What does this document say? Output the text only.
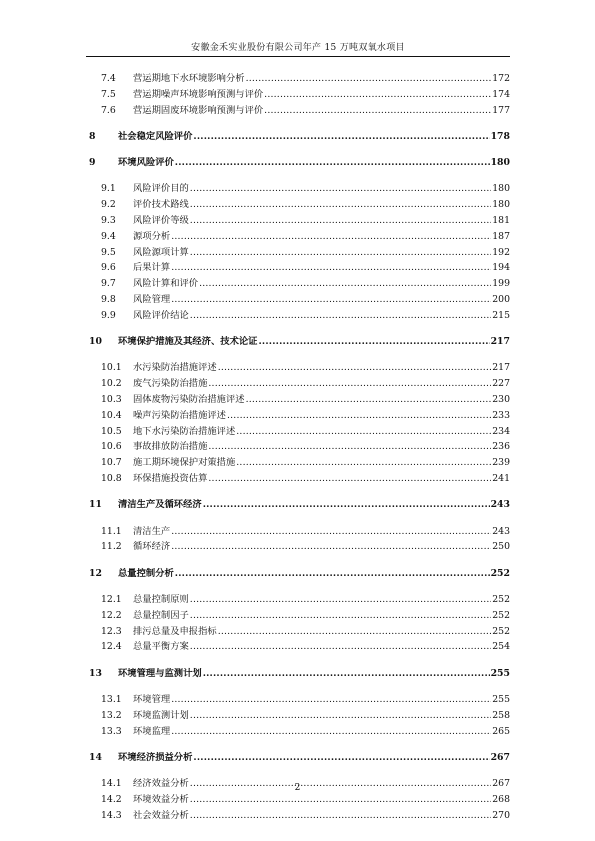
安徽金禾实业股份有限公司年产 15 万吨双氧水项目
7.4	营运期地下水环境影响分析 .....	172
7.5	营运期噪声环境影响预测与评价 .....	174
7.6	营运期固废环境影响预测与评价 .....	177
8	社会稳定风险评价 .....	178
9	环境风险评价 .....	180
9.1	风险评价目的 .....	180
9.2	评价技术路线 .....	180
9.3	风险评价等级 .....	181
9.4	源项分析 .....	187
9.5	风险源项计算 .....	192
9.6	后果计算 .....	194
9.7	风险计算和评价 .....	199
9.8	风险管理 .....	200
9.9	风险评价结论 .....	215
10	环境保护措施及其经济、技术论证 .....	217
10.1	水污染防治措施评述 .....	217
10.2	废气污染防治措施 .....	227
10.3	固体废物污染防治措施评述 .....	230
10.4	噪声污染防治措施评述 .....	233
10.5	地下水污染防治措施评述 .....	234
10.6	事故排放防治措施 .....	236
10.7	施工期环境保护对策措施 .....	239
10.8	环保措施投资估算 .....	241
11	清洁生产及循环经济 .....	243
11.1	清洁生产 .....	243
11.2	循环经济 .....	250
12	总量控制分析 .....	252
12.1	总量控制原则 .....	252
12.2	总量控制因子 .....	252
12.3	排污总量及申报指标 .....	252
12.4	总量平衡方案 .....	254
13	环境管理与监测计划 .....	255
13.1	环境管理 .....	255
13.2	环境监测计划 .....	258
13.3	环境监理 .....	265
14	环境经济损益分析 .....	267
14.1	经济效益分析 .....	267
14.2	环境效益分析 .....	268
14.3	社会效益分析 .....	270
2
